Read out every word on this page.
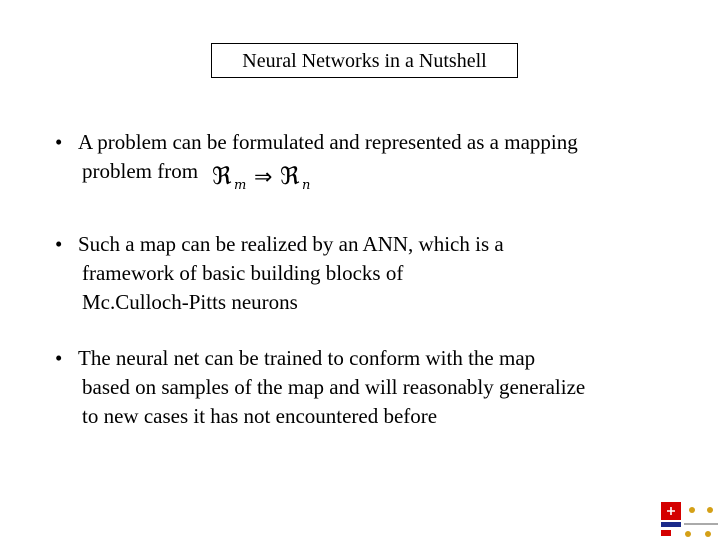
Neural Networks in a Nutshell
• A problem can be formulated and represented as a mapping
problem from ℜ m ⇒ ℜ n
• Such a map can be realized by an ANN, which is a
framework of basic building blocks of
Mc.Culloch-Pitts neurons
• The neural net can be trained to conform with the map
based on samples of the map and will reasonably generalize
to new cases it has not encountered before
